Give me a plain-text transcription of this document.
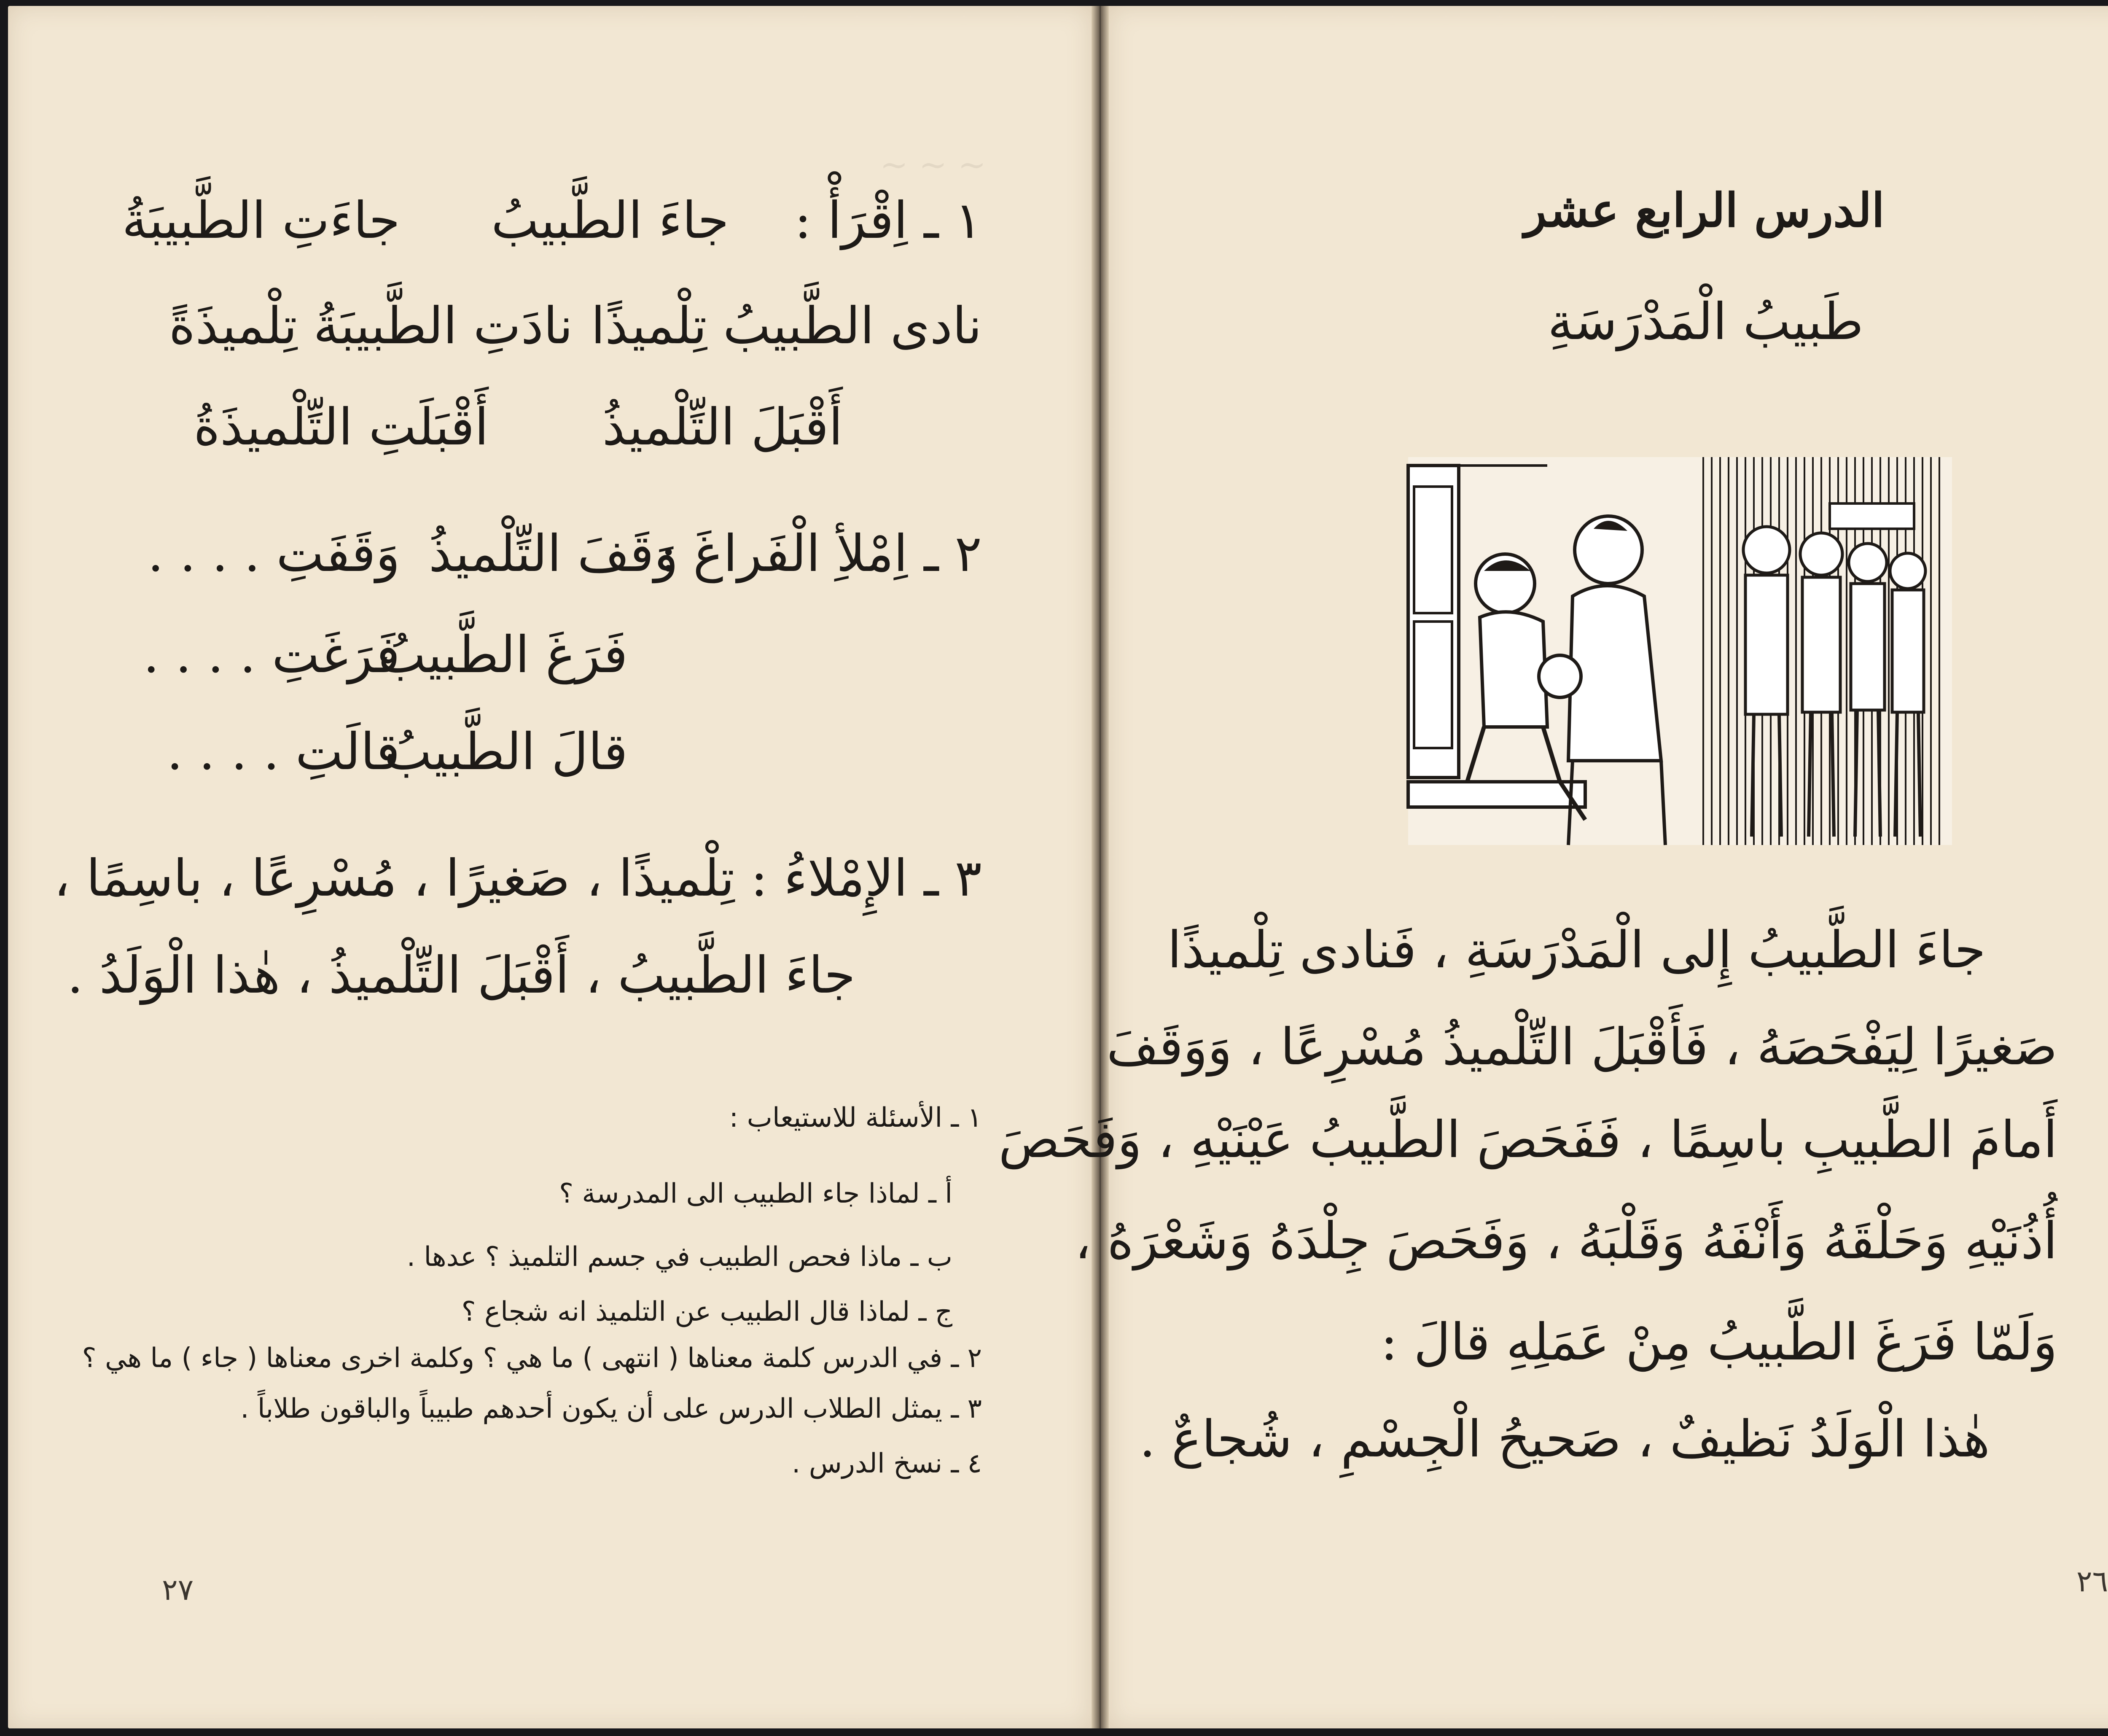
~ ~ ~
١ ـ اِقْرَأْ :
جاءَ الطَّبيبُ
جاءَتِ الطَّبيبَةُ
نادى الطَّبيبُ تِلْميذًا
نادَتِ الطَّبيبَةُ تِلْميذَةً
أَقْبَلَ التِّلْميذُ
أَقْبَلَتِ التِّلْميذَةُ
٢ ـ اِمْلأِ الْفَراغَ :
وَقَفَ التِّلْميذُ
وَقَفَتِ . . . .
فَرَغَ الطَّبيبُ
فَرَغَتِ . . . .
قالَ الطَّبيبُ
قالَتِ . . . .
٣ ـ الإِمْلاءُ : تِلْميذًا ، صَغيرًا ، مُسْرِعًا ، باسِمًا ،
جاءَ الطَّبيبُ ، أَقْبَلَ التِّلْميذُ ، هٰذا الْوَلَدُ .
١ ـ الأسئلة للاستيعاب :
أ ـ لماذا جاء الطبيب الى المدرسة ؟
ب ـ ماذا فحص الطبيب في جسم التلميذ ؟ عدها .
ج ـ لماذا قال الطبيب عن التلميذ انه شجاع ؟
٢ ـ في الدرس كلمة معناها ( انتهى ) ما هي ؟ وكلمة اخرى معناها ( جاء ) ما هي ؟
٣ ـ يمثل الطلاب الدرس على أن يكون أحدهم طبيباً والباقون طلاباً .
٤ ـ نسخ الدرس .
٢٧
الدرس الرابع عشر
طَبيبُ الْمَدْرَسَةِ
جاءَ الطَّبيبُ إِلى الْمَدْرَسَةِ ، فَنادى تِلْميذًا
صَغيرًا لِيَفْحَصَهُ ، فَأَقْبَلَ التِّلْميذُ مُسْرِعًا ، وَوَقَفَ
أَمامَ الطَّبيبِ باسِمًا ، فَفَحَصَ الطَّبيبُ عَيْنَيْهِ ، وَفَحَصَ
أُذُنَيْهِ وَحَلْقَهُ وَأَنْفَهُ وَقَلْبَهُ ، وَفَحَصَ جِلْدَهُ وَشَعْرَهُ ،
وَلَمّا فَرَغَ الطَّبيبُ مِنْ عَمَلِهِ قالَ :
هٰذا الْوَلَدُ نَظيفٌ ، صَحيحُ الْجِسْمِ ، شُجاعٌ .
٢٦
